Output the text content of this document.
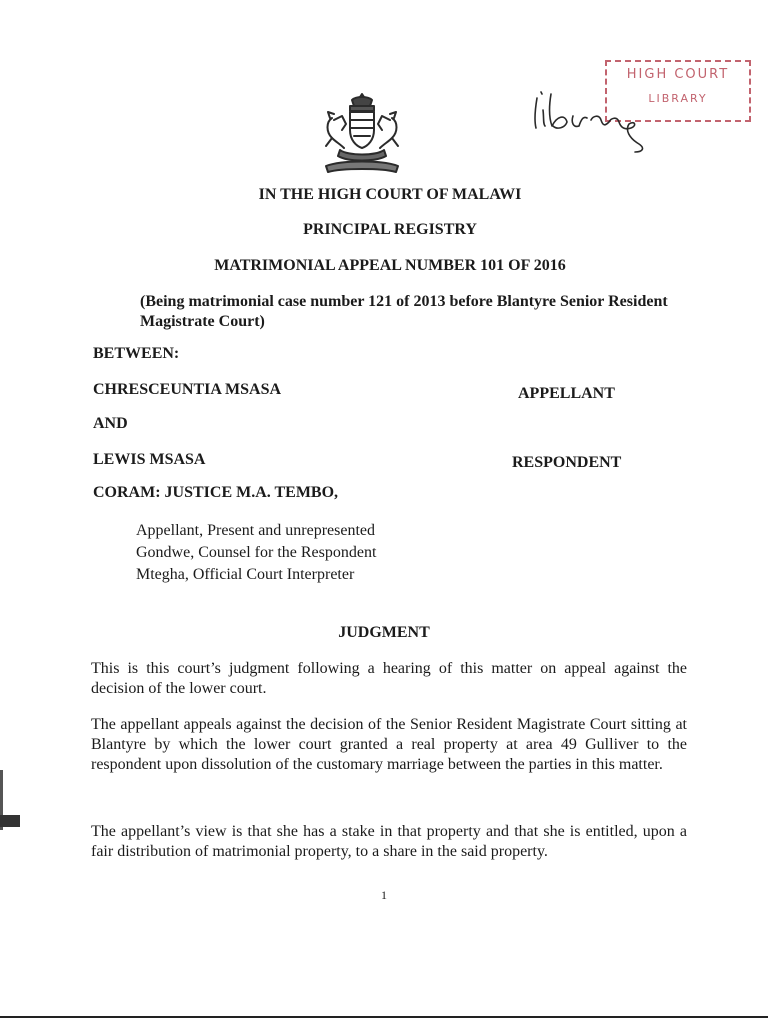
HIGH COURT
LIBRARY
IN THE HIGH COURT OF MALAWI
PRINCIPAL REGISTRY
MATRIMONIAL APPEAL NUMBER 101 OF 2016
(Being matrimonial case number 121 of 2013 before Blantyre Senior Resident Magistrate Court)
BETWEEN:
CHRESCEUNTIA MSASA	APPELLANT
AND
LEWIS MSASA	RESPONDENT
CORAM: JUSTICE M.A. TEMBO,
Appellant, Present and unrepresented
Gondwe, Counsel for the Respondent
Mtegha, Official Court Interpreter
JUDGMENT
This is this court’s judgment following a hearing of this matter on appeal against the decision of the lower court.
The appellant appeals against the decision of the Senior Resident Magistrate Court sitting at Blantyre by which the lower court granted a real property at area 49 Gulliver to the respondent upon dissolution of the customary marriage between the parties in this matter.
The appellant’s view is that she has a stake in that property and that she is entitled, upon a fair distribution of matrimonial property, to a share in the said property.
1
